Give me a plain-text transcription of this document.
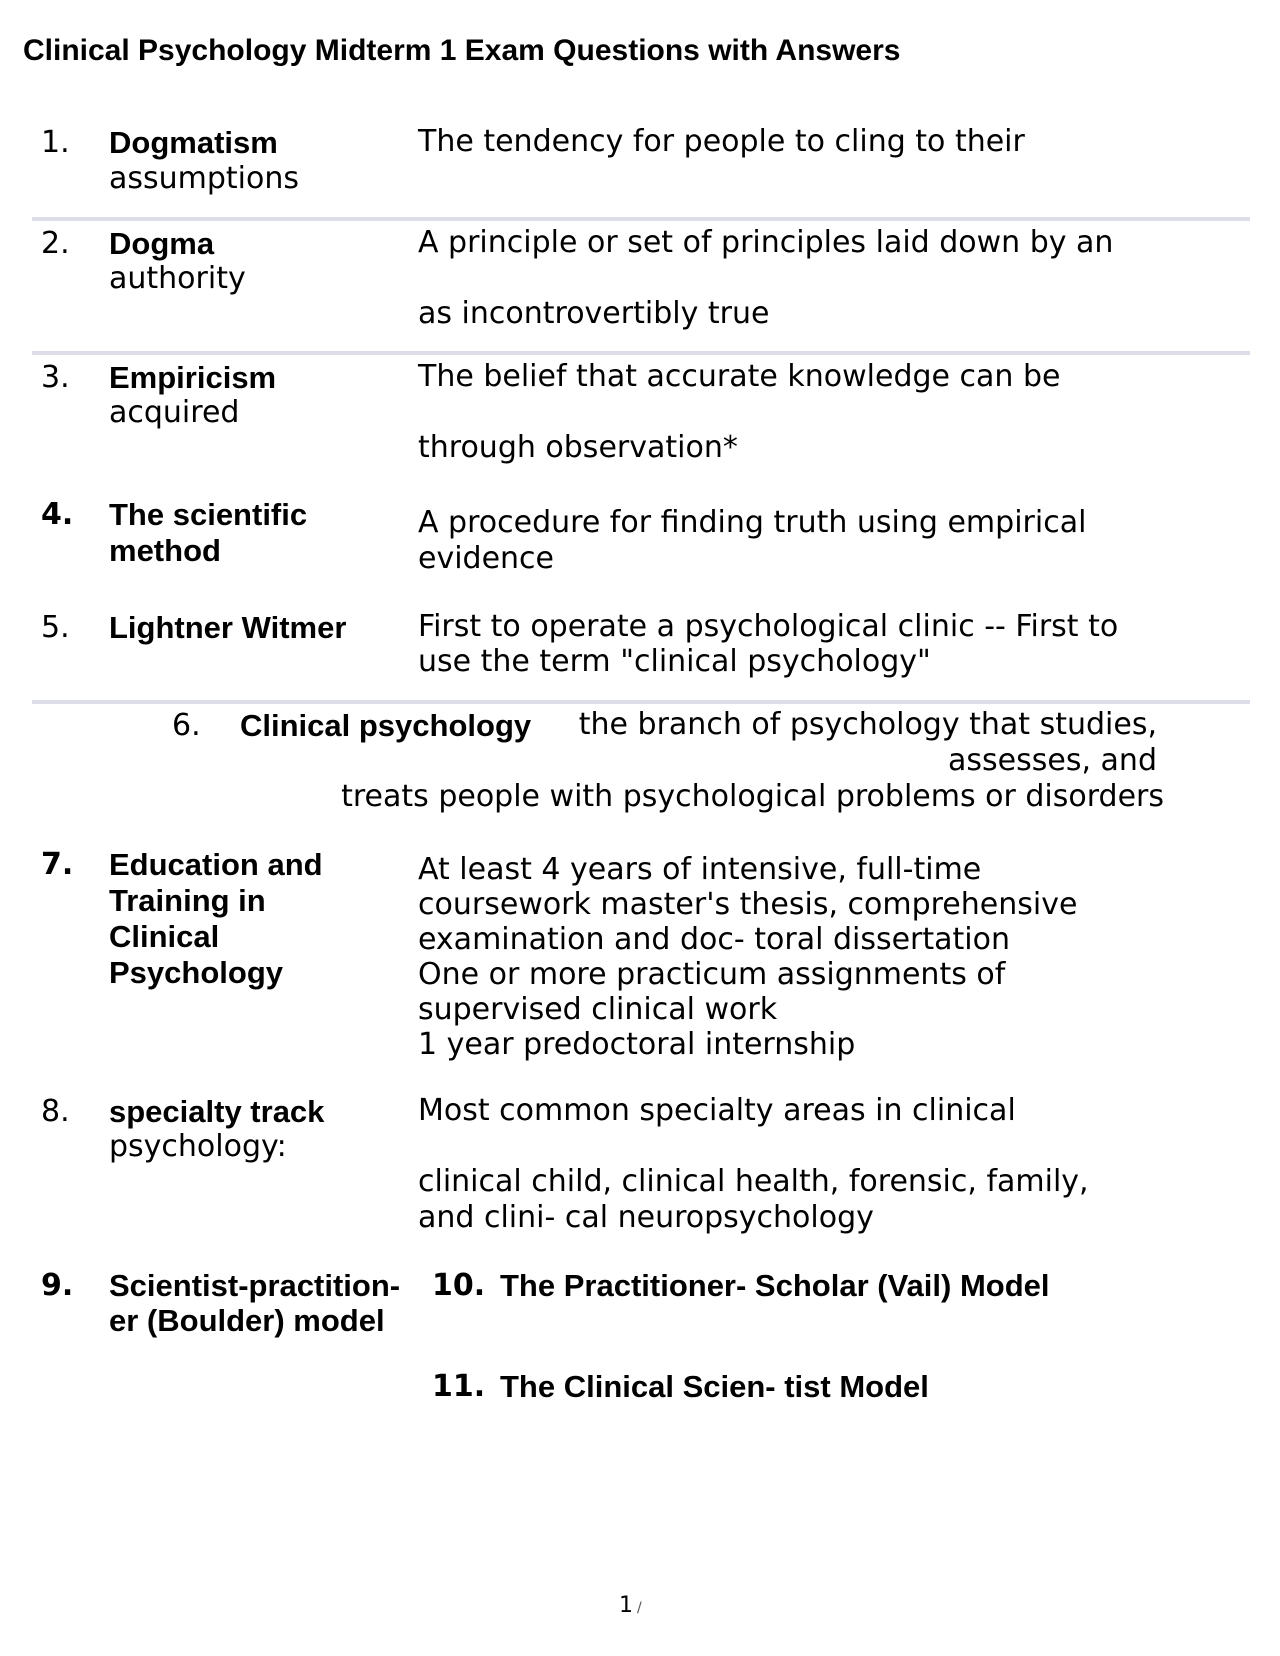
Clinical Psychology Midterm 1 Exam Questions with Answers
1. Dogmatism
assumptions
The tendency for people to cling to their
2. Dogma
authority
A principle or set of principles laid down by an
as incontrovertibly true
3. Empiricism
acquired
The belief that accurate knowledge can be
through observation*
4. The scientific
method
A procedure for finding truth using empirical
evidence
5. Lightner Witmer First to operate a psychological clinic -- First to
use the term "clinical psychology"
6. Clinical psychology the branch of psychology that studies,
assesses, and
treats people with psychological problems or disorders
7. Education and
Training in
Clinical
Psychology
At least 4 years of intensive, full-time
coursework master's thesis, comprehensive
examination and doc- toral dissertation
One or more practicum assignments of
supervised clinical work
1 year predoctoral internship
8. specialty track
psychology:
Most common specialty areas in clinical
clinical child, clinical health, forensic, family,
and clini- cal neuropsychology
9. Scientist-practition-
er (Boulder) model
10. The Practitioner- Scholar (Vail) Model
11. The Clinical Scien- tist Model
1 /
